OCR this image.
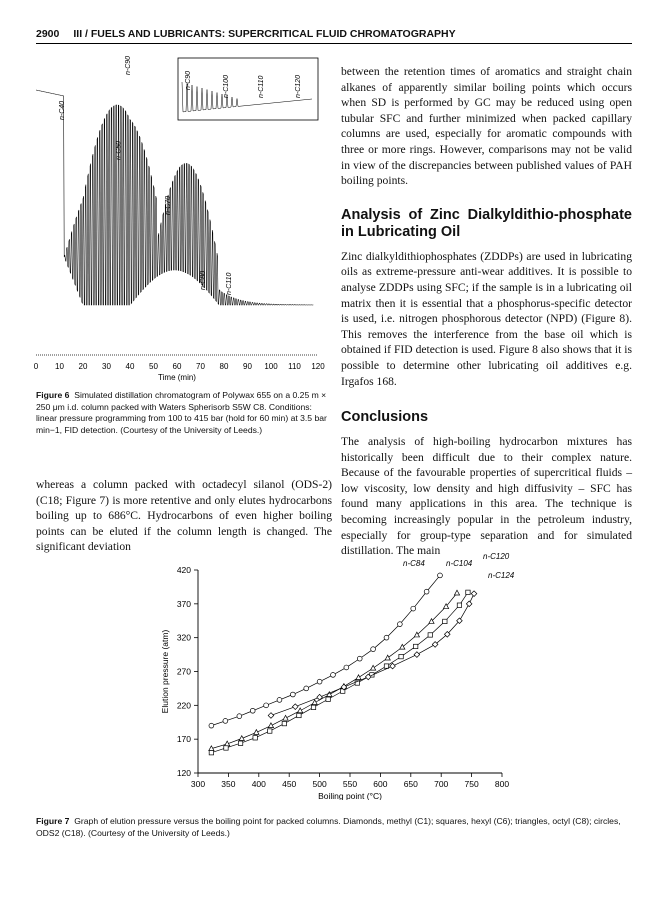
2900 III / FUELS AND LUBRICANTS: SUPERCRITICAL FLUID CHROMATOGRAPHY
0 10 20 30 40 50 60 70 80 90 100 110 120
Time (min)
n-C90	n-C100	n-C110	n-C120
n-C40
n-C90
n-C50
n-C70
n-C80	n-C110
Figure 6 Simulated distillation chromatogram of Polywax 655 on a 0.25 m × 250 μm i.d. column packed with Waters Spherisorb S5W C8. Conditions: linear pressure programming from 100 to 415 bar (hold for 60 min) at 3.5 bar min−1, FID detection. (Courtesy of the University of Leeds.)

whereas a column packed with octadecyl silanol (ODS-2) (C18; Figure 7) is more retentive and only elutes hydrocarbons boiling up to 686°C. Hydrocarbons of even higher boiling points can be eluted if the column length is changed. The significant deviation

between the retention times of aromatics and straight chain alkanes of apparently similar boiling points which occurs when SD is performed by GC may be reduced using open tubular SFC and further minimized when packed capillary columns are used, especially for aromatic compounds with three or more rings. However, comparisons may not be valid in view of the discrepancies between published values of PAH boiling points.

Analysis of Zinc Dialkyldithio-phosphate in Lubricating Oil

Zinc dialkyldithiophosphates (ZDDPs) are used in lubricating oils as extreme-pressure anti-wear additives. It is possible to analyse ZDDPs using SFC; if the sample is in a lubricating oil matrix then it is essential that a phosphorus-specific detector is used, i.e. nitrogen phosphorous detector (NPD) (Figure 8). This removes the interference from the base oil which is obtained if FID detection is used. Figure 8 also shows that it is possible to determine other lubricating oil additives e.g. Irgafos 168.

Conclusions

The analysis of high-boiling hydrocarbon mixtures has historically been difficult due to their complex nature. Because of the favourable properties of supercritical fluids – low viscosity, low density and high diffusivity – SFC has found many applications in this area. The technique is becoming increasingly popular in the petroleum industry, especially for group-type separation and for simulated distillation. The main

300 350 400 450 500 550 600 650 700 750 800
120
170
220
270
320
370
420
Boiling point (°C)
Elution pressure (atm)
n-C84	n-C104
n-C120
n-C124
Figure 7 Graph of elution pressure versus the boiling point for packed columns. Diamonds, methyl (C1); squares, hexyl (C6); triangles, octyl (C8); circles, ODS2 (C18). (Courtesy of the University of Leeds.)
